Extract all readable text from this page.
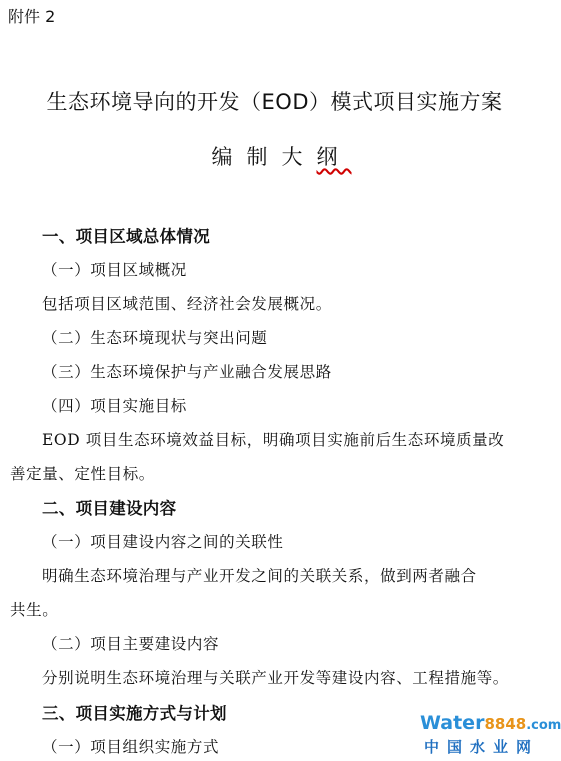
附件 2
生态环境导向的开发（EOD）模式项目实施方案
编制大纲
一、项目区域总体情况
（一）项目区域概况
包括项目区域范围、经济社会发展概况。
（二）生态环境现状与突出问题
（三）生态环境保护与产业融合发展思路
（四）项目实施目标
EOD 项目生态环境效益目标，明确项目实施前后生态环境质量改
善定量、定性目标。
二、项目建设内容
（一）项目建设内容之间的关联性
明确生态环境治理与产业开发之间的关联关系，做到两者融合
共生。
（二）项目主要建设内容
分别说明生态环境治理与关联产业开发等建设内容、工程措施等。
三、项目实施方式与计划
（一）项目组织实施方式
Water8848.com
中国水业网
